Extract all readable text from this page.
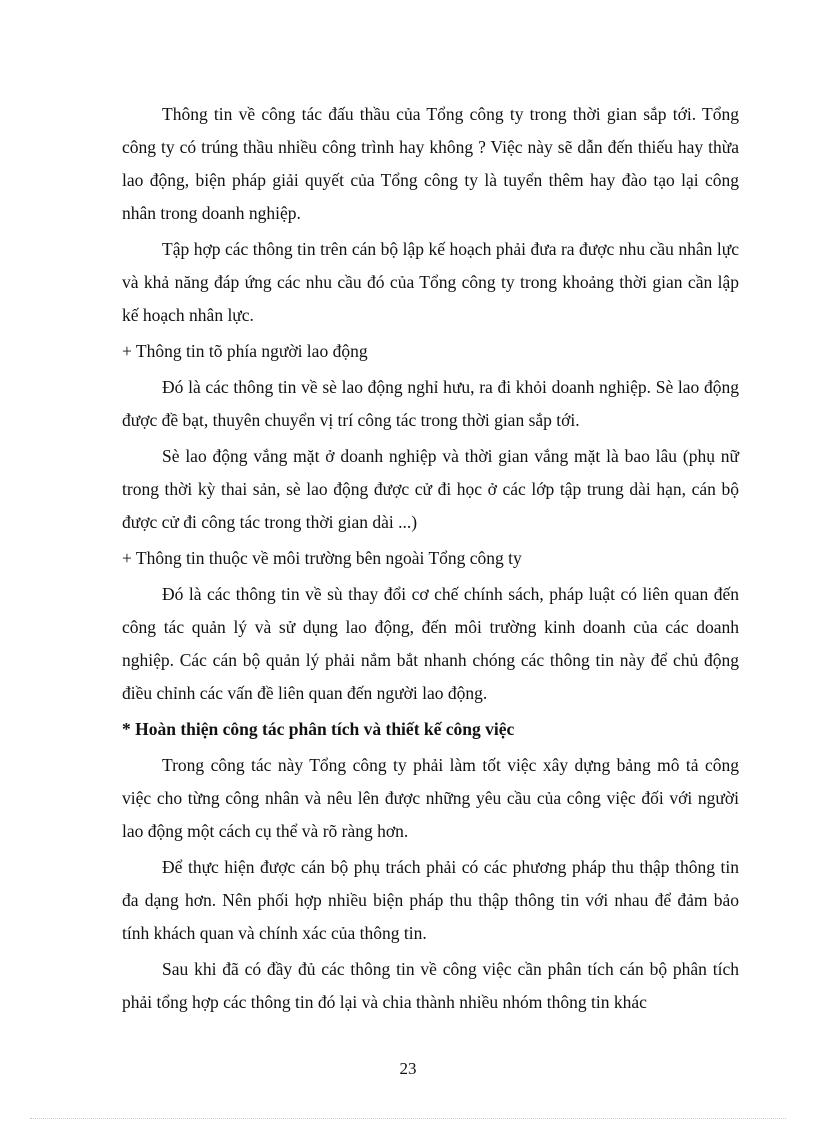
Thông tin về công tác đấu thầu của Tổng công ty trong thời gian sắp tới. Tổng công ty có trúng thầu nhiều công trình hay không ? Việc này sẽ dẫn đến thiếu hay thừa lao động, biện pháp giải quyết của Tổng công ty là tuyển thêm hay đào tạo lại công nhân trong doanh nghiệp.

Tập hợp các thông tin trên cán bộ lập kế hoạch phải đưa ra được nhu cầu nhân lực và khả năng đáp ứng các nhu cầu đó của Tổng công ty trong khoảng thời gian cần lập kế hoạch nhân lực.

+ Thông tin tõ phía người lao động

Đó là các thông tin về sè lao động nghỉ hưu, ra đi khỏi doanh nghiệp. Sè lao động được đề bạt, thuyên chuyển vị trí công tác trong thời gian sắp tới.

Sè lao động vắng mặt ở doanh nghiệp và thời gian vắng mặt là bao lâu (phụ nữ trong thời kỳ thai sản, sè lao động được cử đi học ở các lớp tập trung dài hạn, cán bộ được cử đi công tác trong thời gian dài ...)

+ Thông tin thuộc về môi trường bên ngoài Tổng công ty

Đó là các thông tin về sù thay đổi cơ chế chính sách, pháp luật có liên quan đến công tác quản lý và sử dụng lao động, đến môi trường kinh doanh của các doanh nghiệp. Các cán bộ quản lý phải nắm bắt nhanh chóng các thông tin này để chủ động điều chỉnh các vấn đề liên quan đến người lao động.

* Hoàn thiện công tác phân tích và thiết kế công việc

Trong công tác này Tổng công ty phải làm tốt việc xây dựng bảng mô tả công việc cho từng công nhân và nêu lên được những yêu cầu của công việc đối với người lao động một cách cụ thể và rõ ràng hơn.

Để thực hiện được cán bộ phụ trách phải có các phương pháp thu thập thông tin đa dạng hơn. Nên phối hợp nhiều biện pháp thu thập thông tin với nhau để đảm bảo tính khách quan và chính xác của thông tin.

Sau khi đã có đầy đủ các thông tin về công việc cần phân tích cán bộ phân tích phải tổng hợp các thông tin đó lại và chia thành nhiều nhóm thông tin khác

23
